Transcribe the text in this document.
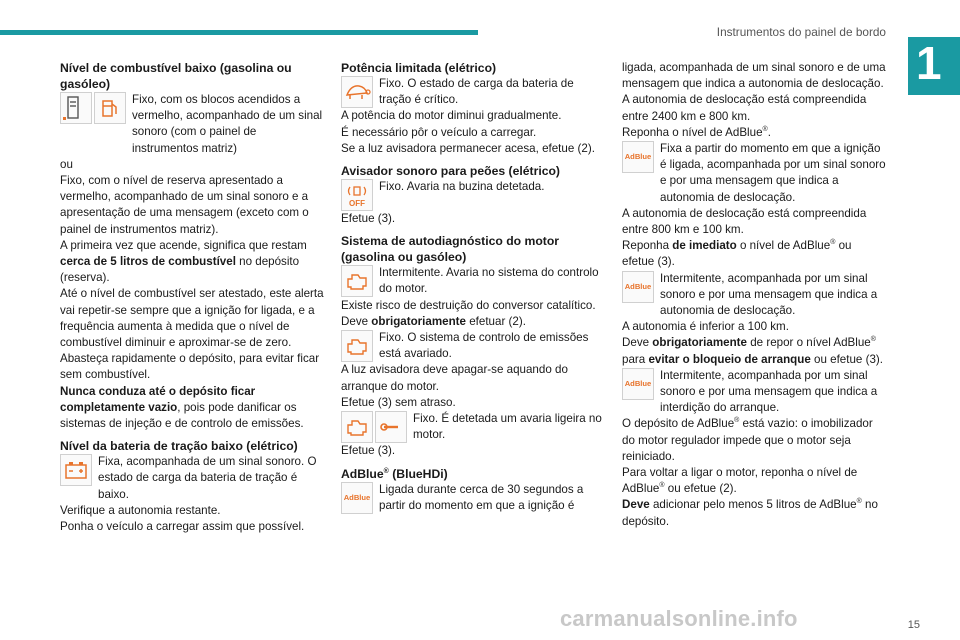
Instrumentos do painel de bordo
1

Nível de combustível baixo (gasolina ou gasóleo)

Fixo, com os blocos acendidos a vermelho, acompanhado de um sinal sonoro (com o painel de instrumentos matriz)

ou

Fixo, com o nível de reserva apresentado a vermelho, acompanhado de um sinal sonoro e a apresentação de uma mensagem (exceto com o painel de instrumentos matriz).

A primeira vez que acende, significa que restam cerca de 5 litros de combustível no depósito (reserva).

Até o nível de combustível ser atestado, este alerta vai repetir-se sempre que a ignição for ligada, e a frequência aumenta à medida que o nível de combustível diminuir e aproximar-se de zero.

Abasteça rapidamente o depósito, para evitar ficar sem combustível.

Nunca conduza até o depósito ficar completamente vazio, pois pode danificar os sistemas de injeção e de controlo de emissões.

Nível da bateria de tração baixo (elétrico)

Fixa, acompanhada de um sinal sonoro. O estado de carga da bateria de tração é baixo.

Verifique a autonomia restante.

Ponha o veículo a carregar assim que possível.

Potência limitada (elétrico)

Fixo. O estado de carga da bateria de tração é crítico.

A potência do motor diminui gradualmente.

É necessário pôr o veículo a carregar.

Se a luz avisadora permanecer acesa, efetue (2).

Avisador sonoro para peões (elétrico)

OFF
Fixo. Avaria na buzina detetada.

Efetue (3).

Sistema de autodiagnóstico do motor (gasolina ou gasóleo)

Intermitente. Avaria no sistema do controlo do motor.

Existe risco de destruição do conversor catalítico.

Deve obrigatoriamente efetuar (2).

Fixo. O sistema de controlo de emissões está avariado.

A luz avisadora deve apagar-se aquando do arranque do motor.

Efetue (3) sem atraso.

Fixo. É detetada um avaria ligeira no motor.

Efetue (3).

AdBlue® (BlueHDi)

AdBlue
Ligada durante cerca de 30 segundos a partir do momento em que a ignição é

ligada, acompanhada de um sinal sonoro e de uma mensagem que indica a autonomia de deslocação.

A autonomia de deslocação está compreendida entre 2400 km e 800 km.

Reponha o nível de AdBlue®.

AdBlue
Fixa a partir do momento em que a ignição é ligada, acompanhada por um sinal sonoro e por uma mensagem que indica a autonomia de deslocação.

A autonomia de deslocação está compreendida entre 800 km e 100 km.

Reponha de imediato o nível de AdBlue® ou efetue (3).

AdBlue
Intermitente, acompanhada por um sinal sonoro e por uma mensagem que indica a autonomia de deslocação.

A autonomia é inferior a 100 km.

Deve obrigatoriamente de repor o nível AdBlue® para evitar o bloqueio de arranque ou efetue (3).

AdBlue
Intermitente, acompanhada por um sinal sonoro e por uma mensagem que indica a interdição do arranque.

O depósito de AdBlue® está vazio: o imobilizador do motor regulador impede que o motor seja reiniciado.

Para voltar a ligar o motor, reponha o nível de AdBlue® ou efetue (2).

Deve adicionar pelo menos 5 litros de AdBlue® no depósito.

carmanualsonline.info	15
